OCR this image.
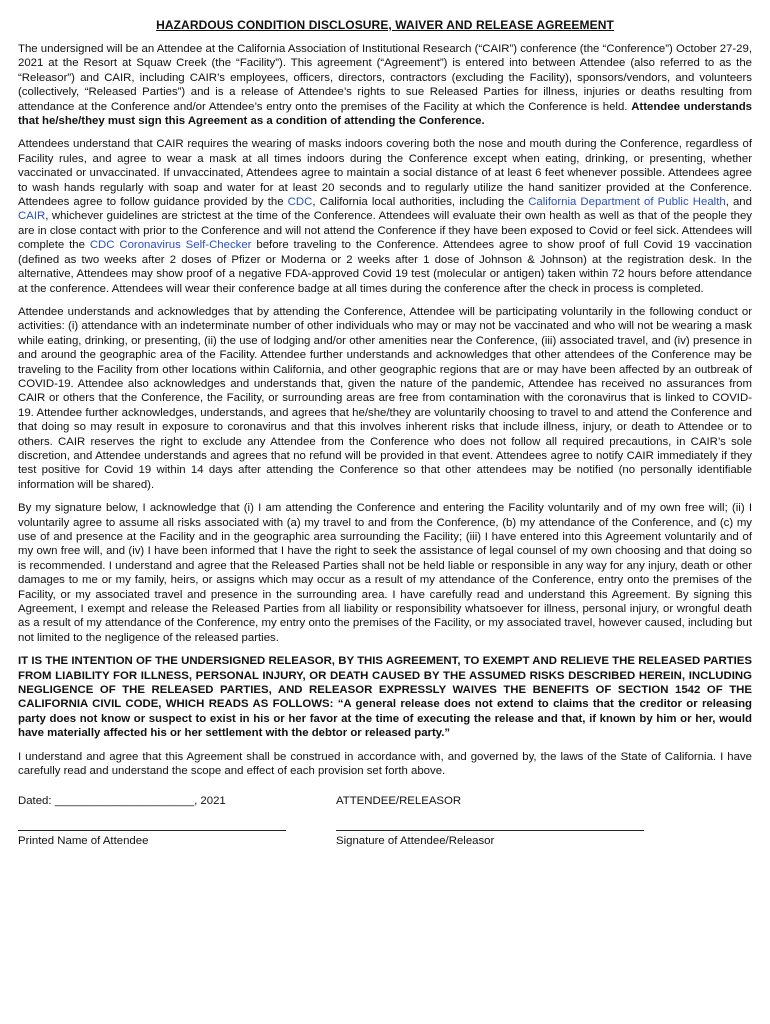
HAZARDOUS CONDITION DISCLOSURE, WAIVER AND RELEASE AGREEMENT

The undersigned will be an Attendee at the California Association of Institutional Research (“CAIR”) conference (the “Conference”) October 27-29, 2021 at the Resort at Squaw Creek (the “Facility”). This agreement (“Agreement”) is entered into between Attendee (also referred to as the “Releasor”) and CAIR, including CAIR’s employees, officers, directors, contractors (excluding the Facility), sponsors/vendors, and volunteers (collectively, “Released Parties”) and is a release of Attendee’s rights to sue Released Parties for illness, injuries or deaths resulting from attendance at the Conference and/or Attendee’s entry onto the premises of the Facility at which the Conference is held. Attendee understands that he/she/they must sign this Agreement as a condition of attending the Conference.

Attendees understand that CAIR requires the wearing of masks indoors covering both the nose and mouth during the Conference, regardless of Facility rules, and agree to wear a mask at all times indoors during the Conference except when eating, drinking, or presenting, whether vaccinated or unvaccinated. If unvaccinated, Attendees agree to maintain a social distance of at least 6 feet whenever possible. Attendees agree to wash hands regularly with soap and water for at least 20 seconds and to regularly utilize the hand sanitizer provided at the Conference. Attendees agree to follow guidance provided by the CDC, California local authorities, including the California Department of Public Health, and CAIR, whichever guidelines are strictest at the time of the Conference. Attendees will evaluate their own health as well as that of the people they are in close contact with prior to the Conference and will not attend the Conference if they have been exposed to Covid or feel sick. Attendees will complete the CDC Coronavirus Self-Checker before traveling to the Conference. Attendees agree to show proof of full Covid 19 vaccination (defined as two weeks after 2 doses of Pfizer or Moderna or 2 weeks after 1 dose of Johnson & Johnson) at the registration desk. In the alternative, Attendees may show proof of a negative FDA-approved Covid 19 test (molecular or antigen) taken within 72 hours before attendance at the conference. Attendees will wear their conference badge at all times during the conference after the check in process is completed.

Attendee understands and acknowledges that by attending the Conference, Attendee will be participating voluntarily in the following conduct or activities: (i) attendance with an indeterminate number of other individuals who may or may not be vaccinated and who will not be wearing a mask while eating, drinking, or presenting, (ii) the use of lodging and/or other amenities near the Conference, (iii) associated travel, and (iv) presence in and around the geographic area of the Facility. Attendee further understands and acknowledges that other attendees of the Conference may be traveling to the Facility from other locations within California, and other geographic regions that are or may have been affected by an outbreak of COVID-19. Attendee also acknowledges and understands that, given the nature of the pandemic, Attendee has received no assurances from CAIR or others that the Conference, the Facility, or surrounding areas are free from contamination with the coronavirus that is linked to COVID-19. Attendee further acknowledges, understands, and agrees that he/she/they are voluntarily choosing to travel to and attend the Conference and that doing so may result in exposure to coronavirus and that this involves inherent risks that include illness, injury, or death to Attendee or to others. CAIR reserves the right to exclude any Attendee from the Conference who does not follow all required precautions, in CAIR’s sole discretion, and Attendee understands and agrees that no refund will be provided in that event. Attendees agree to notify CAIR immediately if they test positive for Covid 19 within 14 days after attending the Conference so that other attendees may be notified (no personally identifiable information will be shared).

By my signature below, I acknowledge that (i) I am attending the Conference and entering the Facility voluntarily and of my own free will; (ii) I voluntarily agree to assume all risks associated with (a) my travel to and from the Conference, (b) my attendance of the Conference, and (c) my use of and presence at the Facility and in the geographic area surrounding the Facility; (iii) I have entered into this Agreement voluntarily and of my own free will, and (iv) I have been informed that I have the right to seek the assistance of legal counsel of my own choosing and that doing so is recommended. I understand and agree that the Released Parties shall not be held liable or responsible in any way for any injury, death or other damages to me or my family, heirs, or assigns which may occur as a result of my attendance of the Conference, entry onto the premises of the Facility, or my associated travel and presence in the surrounding area. I have carefully read and understand this Agreement. By signing this Agreement, I exempt and release the Released Parties from all liability or responsibility whatsoever for illness, personal injury, or wrongful death as a result of my attendance of the Conference, my entry onto the premises of the Facility, or my associated travel, however caused, including but not limited to the negligence of the released parties.

IT IS THE INTENTION OF THE UNDERSIGNED RELEASOR, BY THIS AGREEMENT, TO EXEMPT AND RELIEVE THE RELEASED PARTIES FROM LIABILITY FOR ILLNESS, PERSONAL INJURY, OR DEATH CAUSED BY THE ASSUMED RISKS DESCRIBED HEREIN, INCLUDING NEGLIGENCE OF THE RELEASED PARTIES, AND RELEASOR EXPRESSLY WAIVES THE BENEFITS OF SECTION 1542 OF THE CALIFORNIA CIVIL CODE, WHICH READS AS FOLLOWS: “A general release does not extend to claims that the creditor or releasing party does not know or suspect to exist in his or her favor at the time of executing the release and that, if known by him or her, would have materially affected his or her settlement with the debtor or released party.”

I understand and agree that this Agreement shall be construed in accordance with, and governed by, the laws of the State of California. I have carefully read and understand the scope and effect of each provision set forth above.

Dated: ______________________, 2021	ATTENDEE/RELEASOR
Printed Name of Attendee	Signature of Attendee/Releasor
